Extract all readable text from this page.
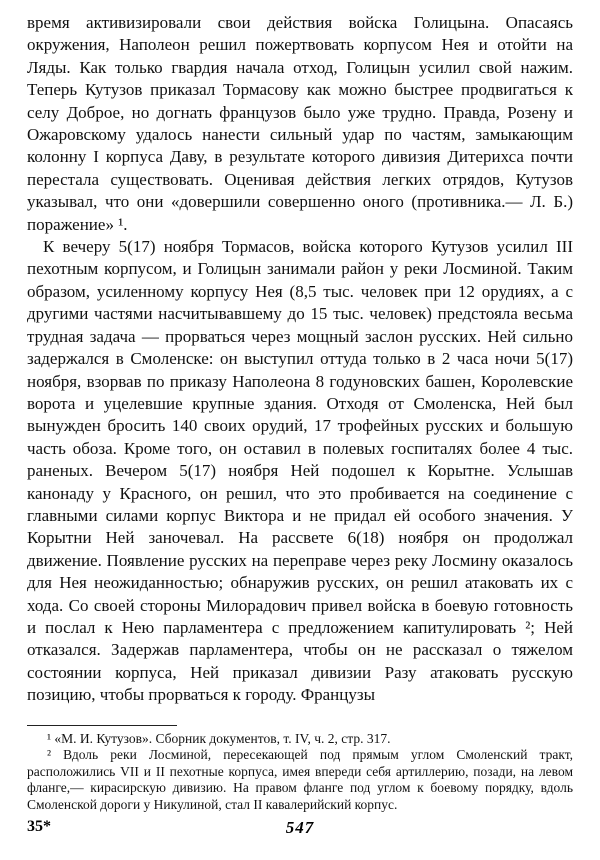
время активизировали свои действия войска Голицына. Опасаясь окружения, Наполеон решил пожертвовать корпусом Нея и отойти на Ляды. Как только гвардия начала отход, Голицын усилил свой нажим. Теперь Кутузов приказал Тормасову как можно быстрее продвигаться к селу Доброе, но догнать французов было уже трудно. Правда, Розену и Ожаровскому удалось нанести сильный удар по частям, замыкающим колонну I корпуса Даву, в результате которого дивизия Дитерихса почти перестала существовать. Оценивая действия легких отрядов, Кутузов указывал, что они «довершили совершенно оного (противника.— Л. Б.) поражение» ¹.

К вечеру 5(17) ноября Тормасов, войска которого Кутузов усилил III пехотным корпусом, и Голицын занимали район у реки Лосминой. Таким образом, усиленному корпусу Нея (8,5 тыс. человек при 12 орудиях, а с другими частями насчитывавшему до 15 тыс. человек) предстояла весьма трудная задача — прорваться через мощный заслон русских. Ней сильно задержался в Смоленске: он выступил оттуда только в 2 часа ночи 5(17) ноября, взорвав по приказу Наполеона 8 годуновских башен, Королевские ворота и уцелевшие крупные здания. Отходя от Смоленска, Ней был вынужден бросить 140 своих орудий, 17 трофейных русских и большую часть обоза. Кроме того, он оставил в полевых госпиталях более 4 тыс. раненых. Вечером 5(17) ноября Ней подошел к Корытне. Услышав канонаду у Красного, он решил, что это пробивается на соединение с главными силами корпус Виктора и не придал ей особого значения. У Корытни Ней заночевал. На рассвете 6(18) ноября он продолжал движение. Появление русских на переправе через реку Лосмину оказалось для Нея неожиданностью; обнаружив русских, он решил атаковать их с хода. Со своей стороны Милорадович привел войска в боевую готовность и послал к Нею парламентера с предложением капитулировать ²; Ней отказался. Задержав парламентера, чтобы он не рассказал о тяжелом состоянии корпуса, Ней приказал дивизии Разу атаковать русскую позицию, чтобы прорваться к городу. Французы

¹ «М. И. Кутузов». Сборник документов, т. IV, ч. 2, стр. 317.

² Вдоль реки Лосминой, пересекающей под прямым углом Смоленский тракт, расположились VII и II пехотные корпуса, имея впереди себя артиллерию, позади, на левом фланге,— кирасирскую дивизию. На правом фланге под углом к боевому порядку, вдоль Смоленской дороги у Никулиной, стал II кавалерийский корпус.

35*	547
